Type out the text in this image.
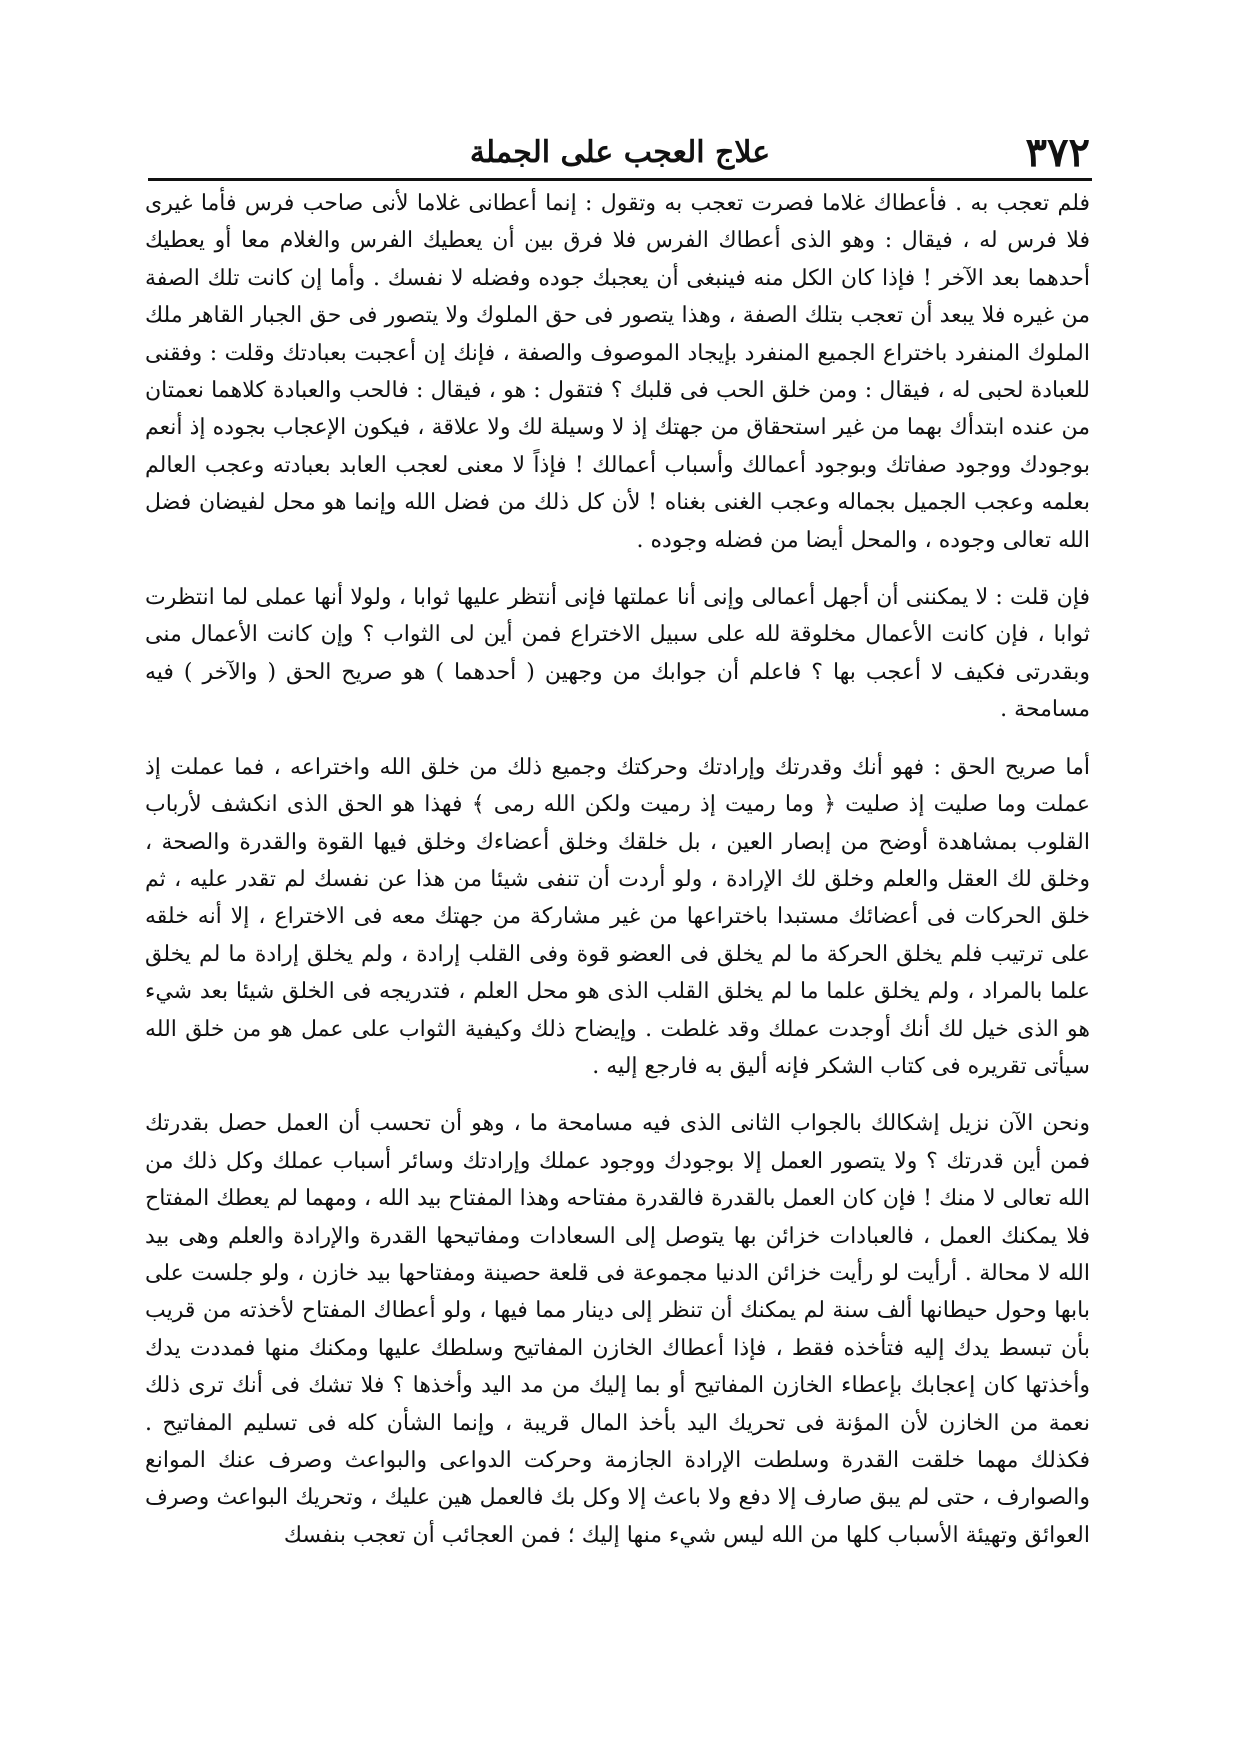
٣٧٢
علاج العجب على الجملة

فلم تعجب به . فأعطاك غلاما فصرت تعجب به وتقول : إنما أعطانى غلاما لأنى صاحب فرس فأما غيرى فلا فرس له ، فيقال : وهو الذى أعطاك الفرس فلا فرق بين أن يعطيك الفرس والغلام معا أو يعطيك أحدهما بعد الآخر ! فإذا كان الكل منه فينبغى أن يعجبك جوده وفضله لا نفسك . وأما إن كانت تلك الصفة من غيره فلا يبعد أن تعجب بتلك الصفة ، وهذا يتصور فى حق الملوك ولا يتصور فى حق الجبار القاهر ملك الملوك المنفرد باختراع الجميع المنفرد بإيجاد الموصوف والصفة ، فإنك إن أعجبت بعبادتك وقلت : وفقنى للعبادة لحبى له ، فيقال : ومن خلق الحب فى قلبك ؟ فتقول : هو ، فيقال : فالحب والعبادة كلاهما نعمتان من عنده ابتدأك بهما من غير استحقاق من جهتك إذ لا وسيلة لك ولا علاقة ، فيكون الإعجاب بجوده إذ أنعم بوجودك ووجود صفاتك وبوجود أعمالك وأسباب أعمالك ! فإذاً لا معنى لعجب العابد بعبادته وعجب العالم بعلمه وعجب الجميل بجماله وعجب الغنى بغناه ! لأن كل ذلك من فضل الله وإنما هو محل لفيضان فضل الله تعالى وجوده ، والمحل أيضا من فضله وجوده .

فإن قلت : لا يمكننى أن أجهل أعمالى وإنى أنا عملتها فإنى أنتظر عليها ثوابا ، ولولا أنها عملى لما انتظرت ثوابا ، فإن كانت الأعمال مخلوقة لله على سبيل الاختراع فمن أين لى الثواب ؟ وإن كانت الأعمال منى وبقدرتى فكيف لا أعجب بها ؟ فاعلم أن جوابك من وجهين ( أحدهما ) هو صريح الحق ( والآخر ) فيه مسامحة .

أما صريح الحق : فهو أنك وقدرتك وإرادتك وحركتك وجميع ذلك من خلق الله واختراعه ، فما عملت إذ عملت وما صليت إذ صليت ﴿ وما رميت إذ رميت ولكن الله رمى ﴾ فهذا هو الحق الذى انكشف لأرباب القلوب بمشاهدة أوضح من إبصار العين ، بل خلقك وخلق أعضاءك وخلق فيها القوة والقدرة والصحة ، وخلق لك العقل والعلم وخلق لك الإرادة ، ولو أردت أن تنفى شيئا من هذا عن نفسك لم تقدر عليه ، ثم خلق الحركات فى أعضائك مستبدا باختراعها من غير مشاركة من جهتك معه فى الاختراع ، إلا أنه خلقه على ترتيب فلم يخلق الحركة ما لم يخلق فى العضو قوة وفى القلب إرادة ، ولم يخلق إرادة ما لم يخلق علما بالمراد ، ولم يخلق علما ما لم يخلق القلب الذى هو محل العلم ، فتدريجه فى الخلق شيئا بعد شيء هو الذى خيل لك أنك أوجدت عملك وقد غلطت . وإيضاح ذلك وكيفية الثواب على عمل هو من خلق الله سيأتى تقريره فى كتاب الشكر فإنه أليق به فارجع إليه .

ونحن الآن نزيل إشكالك بالجواب الثانى الذى فيه مسامحة ما ، وهو أن تحسب أن العمل حصل بقدرتك فمن أين قدرتك ؟ ولا يتصور العمل إلا بوجودك ووجود عملك وإرادتك وسائر أسباب عملك وكل ذلك من الله تعالى لا منك ! فإن كان العمل بالقدرة فالقدرة مفتاحه وهذا المفتاح بيد الله ، ومهما لم يعطك المفتاح فلا يمكنك العمل ، فالعبادات خزائن بها يتوصل إلى السعادات ومفاتيحها القدرة والإرادة والعلم وهى بيد الله لا محالة . أرأيت لو رأيت خزائن الدنيا مجموعة فى قلعة حصينة ومفتاحها بيد خازن ، ولو جلست على بابها وحول حيطانها ألف سنة لم يمكنك أن تنظر إلى دينار مما فيها ، ولو أعطاك المفتاح لأخذته من قريب بأن تبسط يدك إليه فتأخذه فقط ، فإذا أعطاك الخازن المفاتيح وسلطك عليها ومكنك منها فمددت يدك وأخذتها كان إعجابك بإعطاء الخازن المفاتيح أو بما إليك من مد اليد وأخذها ؟ فلا تشك فى أنك ترى ذلك نعمة من الخازن لأن المؤنة فى تحريك اليد بأخذ المال قريبة ، وإنما الشأن كله فى تسليم المفاتيح . فكذلك مهما خلقت القدرة وسلطت الإرادة الجازمة وحركت الدواعى والبواعث وصرف عنك الموانع والصوارف ، حتى لم يبق صارف إلا دفع ولا باعث إلا وكل بك فالعمل هين عليك ، وتحريك البواعث وصرف العوائق وتهيئة الأسباب كلها من الله ليس شيء منها إليك ؛ فمن العجائب أن تعجب بنفسك
